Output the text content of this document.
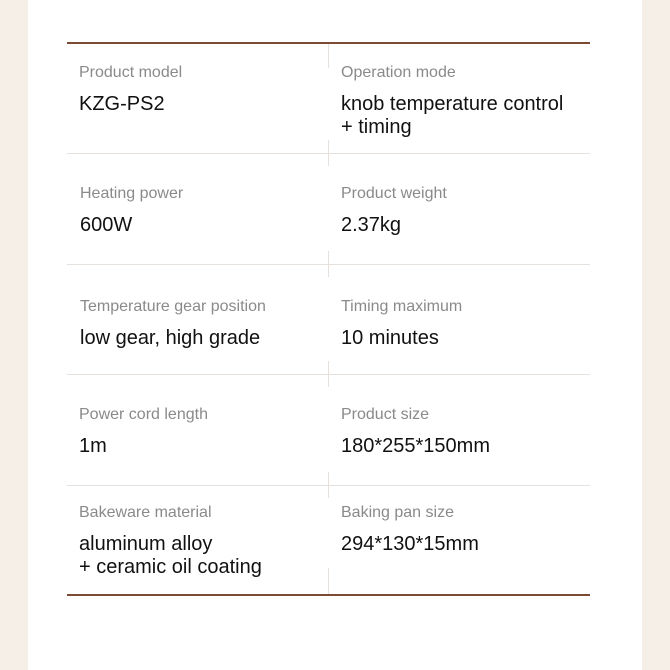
Product model
KZG-PS2
Operation mode
knob temperature control
+ timing
Heating power
600W
Product weight
2.37kg
Temperature gear position
low gear, high grade
Timing maximum
10 minutes
Power cord length
1m
Product size
180*255*150mm
Bakeware material
aluminum alloy
+ ceramic oil coating
Baking pan size
294*130*15mm
